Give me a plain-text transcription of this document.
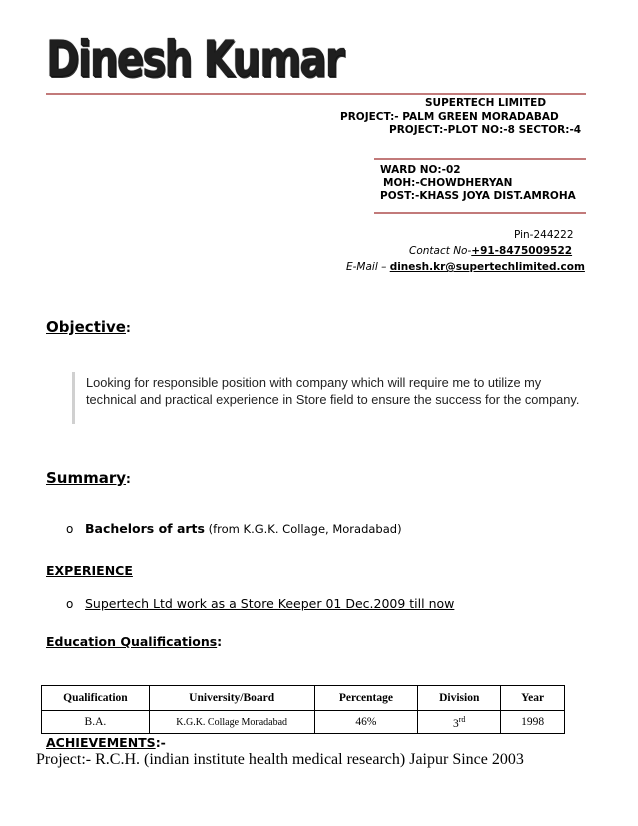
Dinesh Kumar
SUPERTECH LIMITED
PROJECT:- PALM GREEN MORADABAD
PROJECT:-PLOT NO:-8 SECTOR:-4
WARD NO:-02
MOH:-CHOWDHERYAN
POST:-KHASS JOYA DIST.AMROHA
Pin-244222
Contact No-+91-8475009522
E-Mail – dinesh.kr@supertechlimited.com
Objective:
Looking for responsible position with company which will require me to utilize my technical and practical experience in Store field to ensure the success for the company.
Summary:
o Bachelors of arts (from K.G.K. Collage, Moradabad)
EXPERIENCE
o Supertech Ltd work as a Store Keeper 01 Dec.2009 till now
Education Qualifications:
Qualification	University/Board	Percentage	Division	Year
B.A.	K.G.K. Collage Moradabad	46%	3rd	1998
ACHIEVEMENTS:-
Project:- R.C.H. (indian institute health medical research) Jaipur Since 2003
